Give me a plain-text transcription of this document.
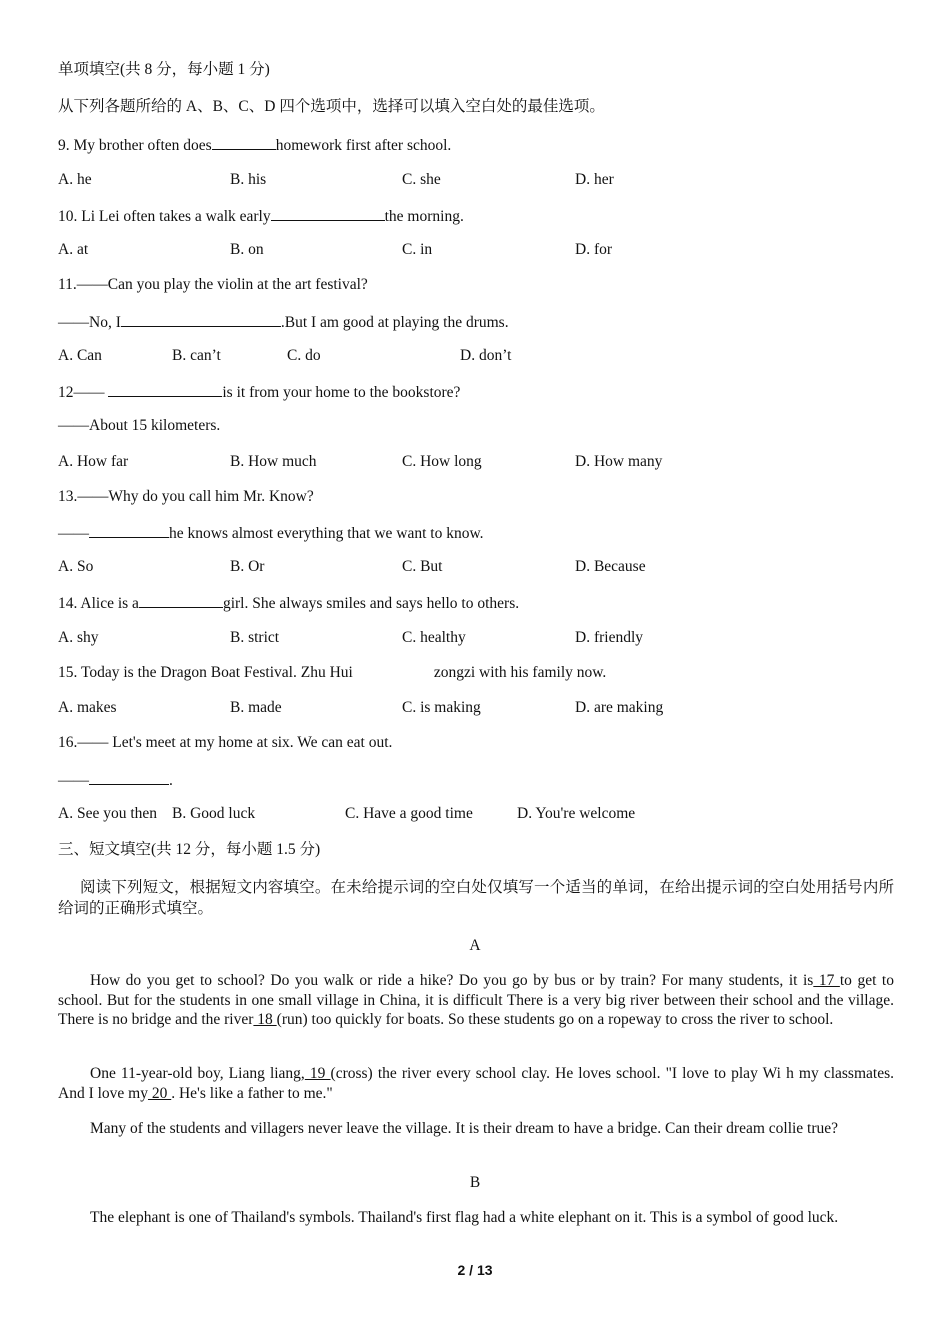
单项填空(共 8 分，每小题 1 分)
从下列各题所给的 A、B、C、D 四个选项中，选择可以填入空白处的最佳选项。
9. My brother often does	homework first after school.
A. he	B. his	C. she	D. her
10. Li Lei often takes a walk early	the morning.
A. at	B. on	C. in	D. for
11.——Can you play the violin at the art festival?
——No, I	.But I am good at playing the drums.
A. Can	B. can’t	C. do	D. don’t
12——	is it from your home to the bookstore?
——About 15 kilometers.
A. How far	B. How much	C. How long	D. How many
13.——Why do you call him Mr. Know?
——	he knows almost everything that we want to know.
A. So	B. Or	C. But	D. Because
14. Alice is a	girl. She always smiles and says hello to others.
A. shy	B. strict	C. healthy	D. friendly
15. Today is the Dragon Boat Festival. Zhu Hui	zongzi with his family now.
A. makes	B. made	C. is making	D. are making
16.—— Let's meet at my home at six. We can eat out.
——	.
A. See you then B. Good luck	C. Have a good time	D. You're welcome
三、短文填空(共 12 分，每小题 1.5 分)
阅读下列短文，根据短文内容填空。在未给提示词的空白处仅填写一个适当的单词，在给出提示词的空白处用括号内所给词的正确形式填空。
A
How do you get to school? Do you walk or ride a hike? Do you go by bus or by train? For many students, it is 17 to get to school. But for the students in one small village in China, it is difficult There is a very big river between their school and the village. There is no bridge and the river 18 (run) too quickly for boats. So these students go on a ropeway to cross the river to school.
One 11-year-old boy, Liang liang, 19 (cross) the river every school clay. He loves school. "I love to play Wi h my classmates. And I love my 20 . He's like a father to me."
Many of the students and villagers never leave the village. It is their dream to have a bridge. Can their dream collie true?
B
The elephant is one of Thailand's symbols. Thailand's first flag had a white elephant on it. This is a symbol of good luck.
2 / 13
